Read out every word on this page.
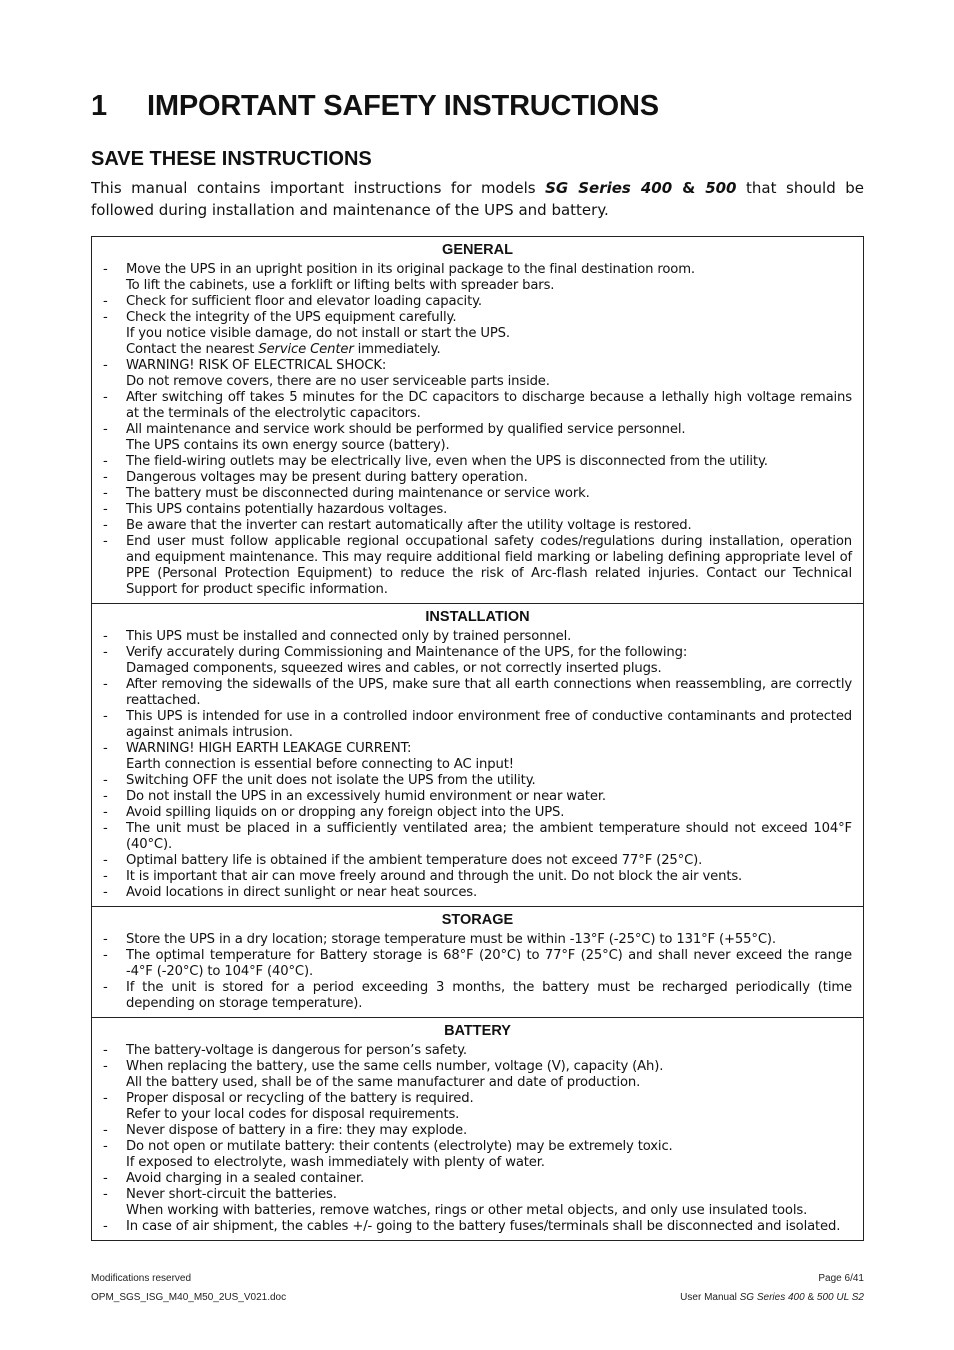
1 IMPORTANT SAFETY INSTRUCTIONS
SAVE THESE INSTRUCTIONS

This manual contains important instructions for models SG Series 400 & 500 that should be followed during installation and maintenance of the UPS and battery.

GENERAL
- Move the UPS in an upright position in its original package to the final destination room.
To lift the cabinets, use a forklift or lifting belts with spreader bars.
- Check for sufficient floor and elevator loading capacity.
- Check the integrity of the UPS equipment carefully.
If you notice visible damage, do not install or start the UPS.
Contact the nearest Service Center immediately.
- WARNING! RISK OF ELECTRICAL SHOCK:
Do not remove covers, there are no user serviceable parts inside.
- After switching off takes 5 minutes for the DC capacitors to discharge because a lethally high voltage remains at the terminals of the electrolytic capacitors.
- All maintenance and service work should be performed by qualified service personnel.
The UPS contains its own energy source (battery).
- The field-wiring outlets may be electrically live, even when the UPS is disconnected from the utility.
- Dangerous voltages may be present during battery operation.
- The battery must be disconnected during maintenance or service work.
- This UPS contains potentially hazardous voltages.
- Be aware that the inverter can restart automatically after the utility voltage is restored.
- End user must follow applicable regional occupational safety codes/regulations during installation, operation and equipment maintenance. This may require additional field marking or labeling defining appropriate level of PPE (Personal Protection Equipment) to reduce the risk of Arc-flash related injuries. Contact our Technical Support for product specific information.
INSTALLATION
- This UPS must be installed and connected only by trained personnel.
- Verify accurately during Commissioning and Maintenance of the UPS, for the following:
Damaged components, squeezed wires and cables, or not correctly inserted plugs.
- After removing the sidewalls of the UPS, make sure that all earth connections when reassembling, are correctly reattached.
- This UPS is intended for use in a controlled indoor environment free of conductive contaminants and protected against animals intrusion.
- WARNING! HIGH EARTH LEAKAGE CURRENT:
Earth connection is essential before connecting to AC input!
- Switching OFF the unit does not isolate the UPS from the utility.
- Do not install the UPS in an excessively humid environment or near water.
- Avoid spilling liquids on or dropping any foreign object into the UPS.
- The unit must be placed in a sufficiently ventilated area; the ambient temperature should not exceed 104°F (40°C).
- Optimal battery life is obtained if the ambient temperature does not exceed 77°F (25°C).
- It is important that air can move freely around and through the unit. Do not block the air vents.
- Avoid locations in direct sunlight or near heat sources.
STORAGE
- Store the UPS in a dry location; storage temperature must be within -13°F (-25°C) to 131°F (+55°C).
- The optimal temperature for Battery storage is 68°F (20°C) to 77°F (25°C) and shall never exceed the range -4°F (-20°C) to 104°F (40°C).
- If the unit is stored for a period exceeding 3 months, the battery must be recharged periodically (time depending on storage temperature).
BATTERY
- The battery-voltage is dangerous for person’s safety.
- When replacing the battery, use the same cells number, voltage (V), capacity (Ah).
All the battery used, shall be of the same manufacturer and date of production.
- Proper disposal or recycling of the battery is required.
Refer to your local codes for disposal requirements.
- Never dispose of battery in a fire: they may explode.
- Do not open or mutilate battery: their contents (electrolyte) may be extremely toxic.
If exposed to electrolyte, wash immediately with plenty of water.
- Avoid charging in a sealed container.
- Never short-circuit the batteries.
When working with batteries, remove watches, rings or other metal objects, and only use insulated tools.
- In case of air shipment, the cables +/- going to the battery fuses/terminals shall be disconnected and isolated.
Modifications reserved	Page 6/41
OPM_SGS_ISG_M40_M50_2US_V021.doc	User Manual SG Series 400 & 500 UL S2
